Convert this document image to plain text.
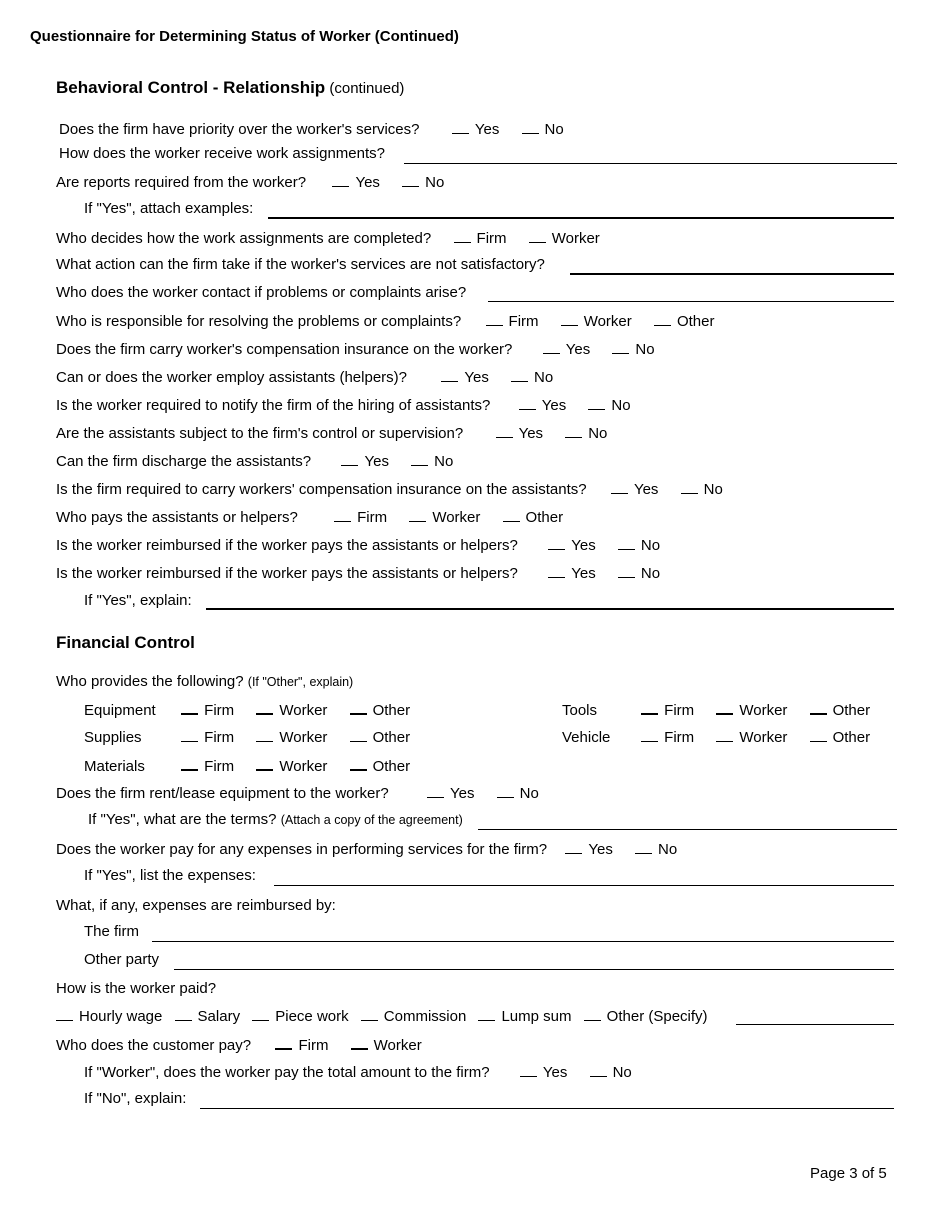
Questionnaire for Determining Status of Worker (Continued)
Behavioral Control - Relationship (continued)
Does the firm have priority over the worker's services?	Yes	No
How does the worker receive work assignments?
Are reports required from the worker?	Yes	No
If "Yes", attach examples:
Who decides how the work assignments are completed?	Firm	Worker
What action can the firm take if the worker's services are not satisfactory?
Who does the worker contact if problems or complaints arise?
Who is responsible for resolving the problems or complaints?	Firm	Worker	Other
Does the firm carry worker's compensation insurance on the worker?	Yes	No
Can or does the worker employ assistants (helpers)?	Yes	No
Is the worker required to notify the firm of the hiring of assistants?	Yes	No
Are the assistants subject to the firm's control or supervision?	Yes	No
Can the firm discharge the assistants?	Yes	No
Is the firm required to carry workers' compensation insurance on the assistants?	Yes	No
Who pays the assistants or helpers?	Firm	Worker	Other
Is the worker reimbursed if the worker pays the assistants or helpers?	Yes	No
Is the worker reimbursed if the worker pays the assistants or helpers?	Yes	No
If "Yes", explain:
Financial Control
Who provides the following? (If "Other", explain)
Equipment	Firm	Worker	Other
Supplies	Firm	Worker	Other
Materials	Firm	Worker	Other
Tools	Firm	Worker	Other
Vehicle	Firm	Worker	Other
Does the firm rent/lease equipment to the worker?	Yes	No
If "Yes", what are the terms? (Attach a copy of the agreement)
Does the worker pay for any expenses in performing services for the firm?	Yes	No
If "Yes", list the expenses:
What, if any, expenses are reimbursed by:
The firm
Other party
How is the worker paid?
Hourly wage Salary Piece work Commission Lump sum Other (Specify)
Who does the customer pay?	Firm	Worker
If "Worker", does the worker pay the total amount to the firm?	Yes	No
If "No", explain:
Page 3 of 5
